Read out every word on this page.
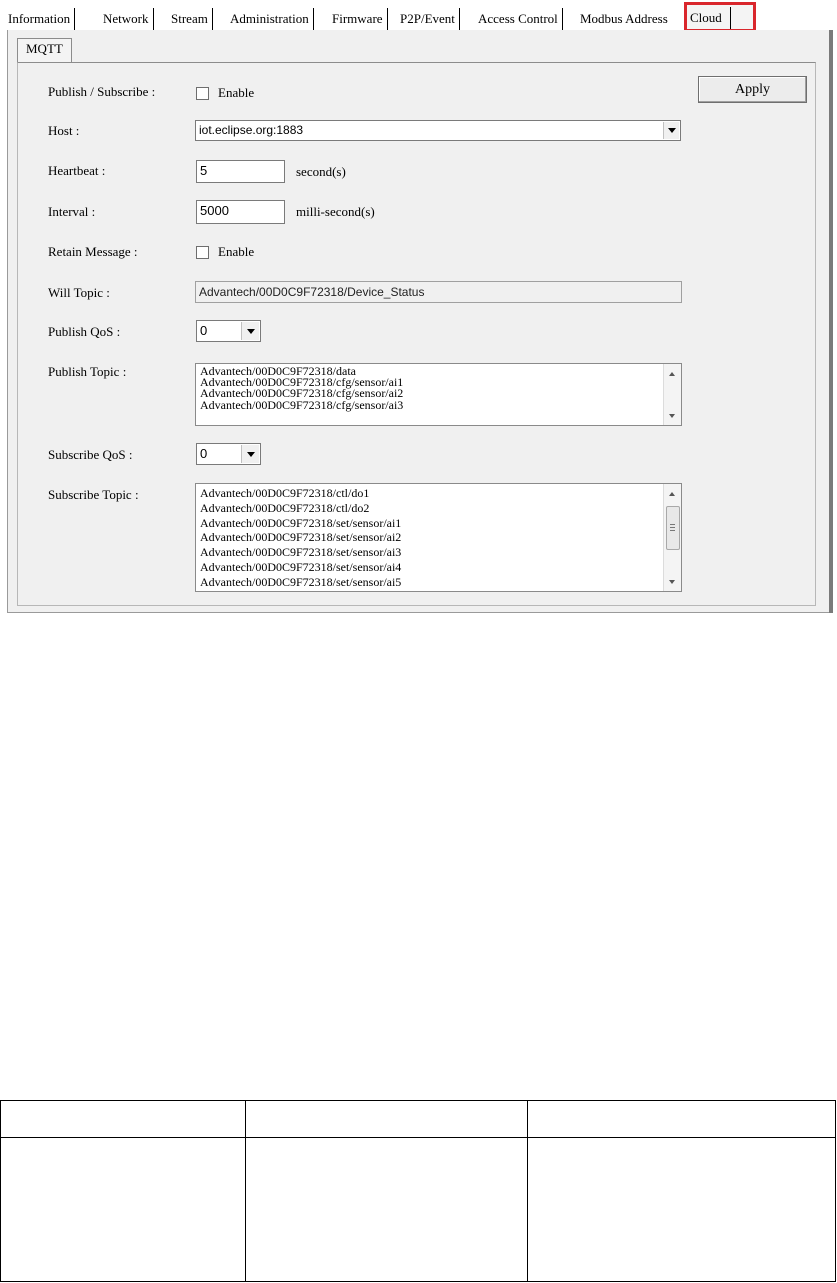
Information	Network	Stream	Administration	Firmware	P2P/Event	Access Control	Modbus Address	Cloud
MQTT
Publish / Subscribe :	Enable	Apply
Host :	iot.eclipse.org:1883
Heartbeat :	5	second(s)
Interval :	5000	milli-second(s)
Retain Message :	Enable
Will Topic :	Advantech/00D0C9F72318/Device_Status
Publish QoS :	0
Publish Topic :	Advantech/00D0C9F72318/data
Advantech/00D0C9F72318/cfg/sensor/ai1
Advantech/00D0C9F72318/cfg/sensor/ai2
Advantech/00D0C9F72318/cfg/sensor/ai3
Subscribe QoS :	0
Subscribe Topic :	Advantech/00D0C9F72318/ctl/do1
Advantech/00D0C9F72318/ctl/do2
Advantech/00D0C9F72318/set/sensor/ai1
Advantech/00D0C9F72318/set/sensor/ai2
Advantech/00D0C9F72318/set/sensor/ai3
Advantech/00D0C9F72318/set/sensor/ai4
Advantech/00D0C9F72318/set/sensor/ai5
